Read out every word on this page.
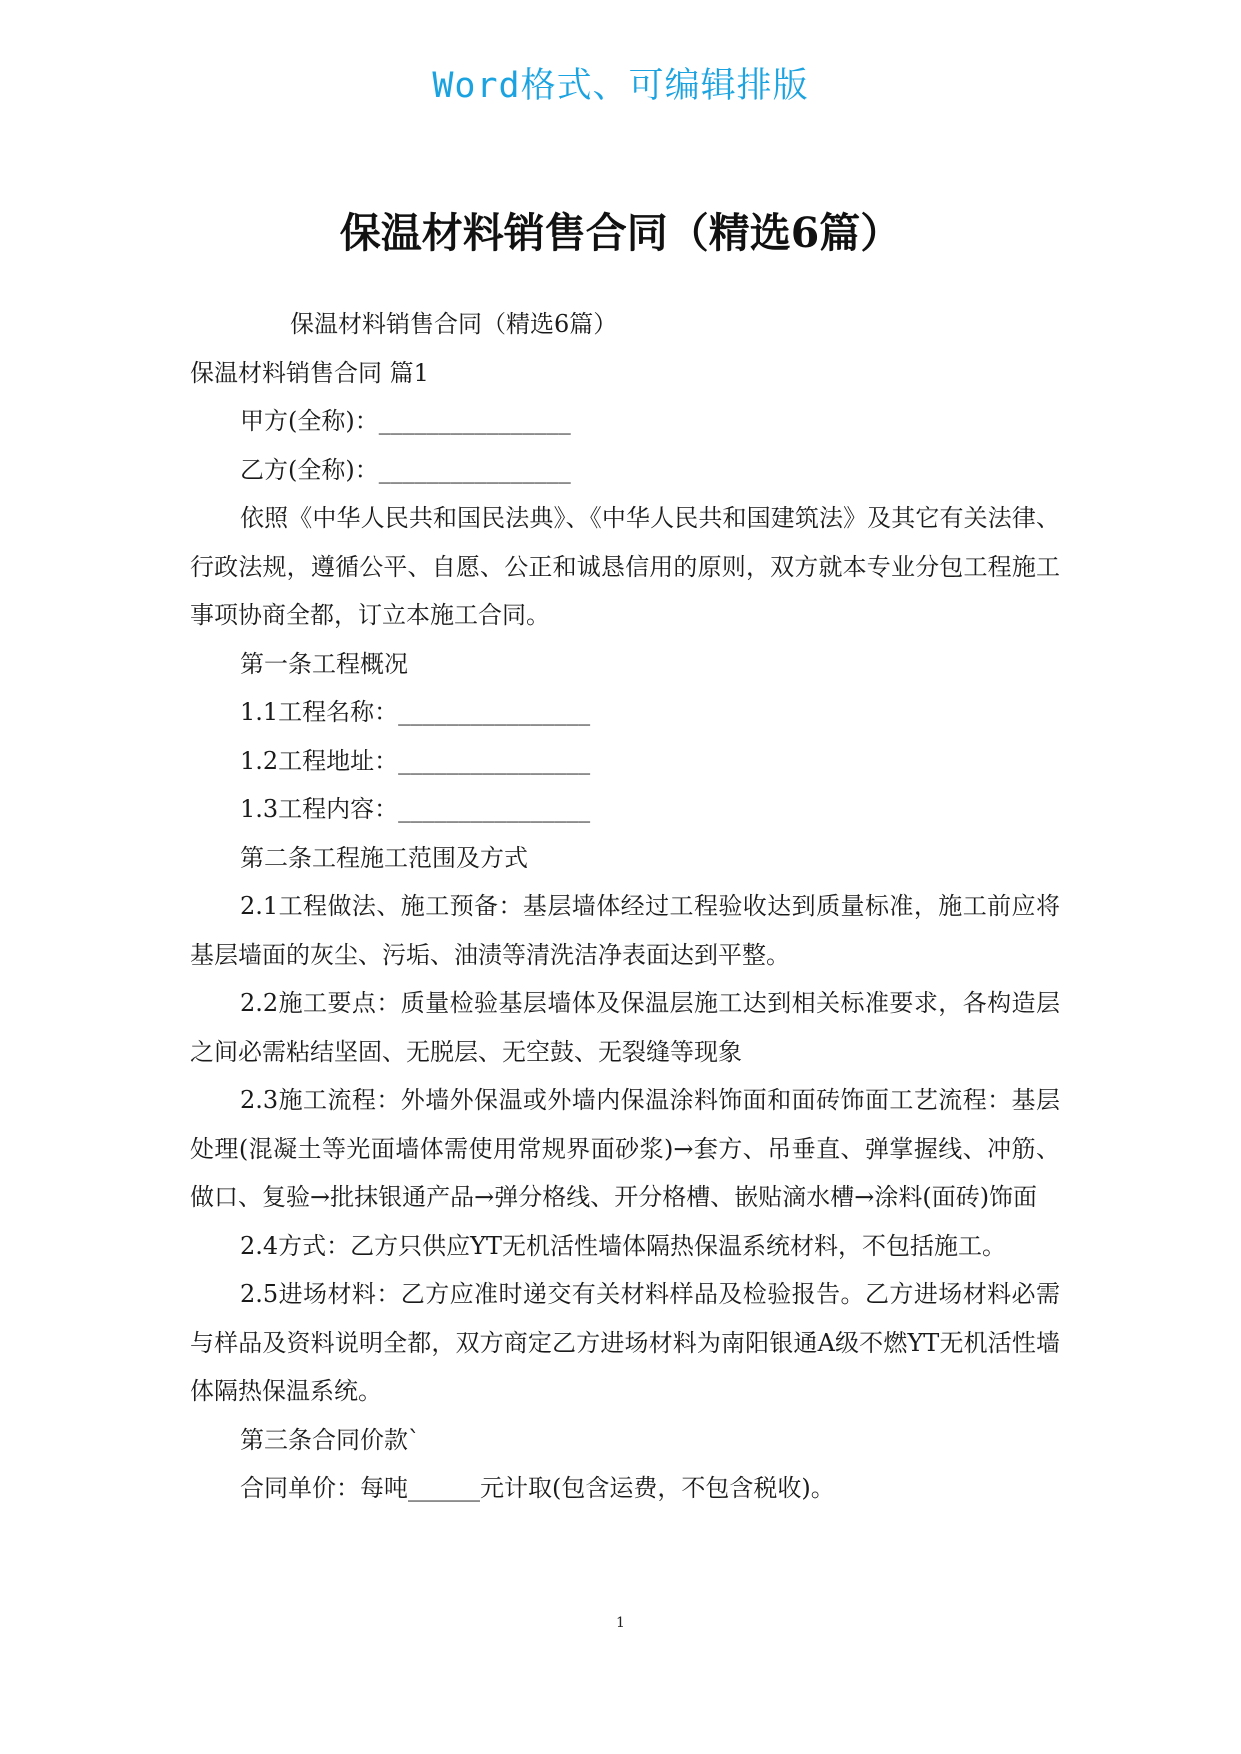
Word格式、可编辑排版
保温材料销售合同（精选6篇）
保温材料销售合同（精选6篇）
保温材料销售合同 篇1
甲方(全称)：________________
乙方(全称)：________________
依照《中华人民共和国民法典》、《中华人民共和国建筑法》及其它有关法律、行政法规，遵循公平、自愿、公正和诚恳信用的原则，双方就本专业分包工程施工事项协商全都，订立本施工合同。
第一条工程概况
1.1工程名称：________________
1.2工程地址：________________
1.3工程内容：________________
第二条工程施工范围及方式
2.1工程做法、施工预备：基层墙体经过工程验收达到质量标准，施工前应将基层墙面的灰尘、污垢、油渍等清洗洁净表面达到平整。
2.2施工要点：质量检验基层墙体及保温层施工达到相关标准要求，各构造层之间必需粘结坚固、无脱层、无空鼓、无裂缝等现象
2.3施工流程：外墙外保温或外墙内保温涂料饰面和面砖饰面工艺流程：基层处理(混凝土等光面墙体需使用常规界面砂浆)→套方、吊垂直、弹掌握线、冲筋、做口、复验→批抹银通产品→弹分格线、开分格槽、嵌贴滴水槽→涂料(面砖)饰面
2.4方式：乙方只供应YT无机活性墙体隔热保温系统材料，不包括施工。
2.5进场材料：乙方应准时递交有关材料样品及检验报告。乙方进场材料必需与样品及资料说明全都，双方商定乙方进场材料为南阳银通A级不燃YT无机活性墙体隔热保温系统。
第三条合同价款`
合同单价：每吨______元计取(包含运费，不包含税收)。
1
